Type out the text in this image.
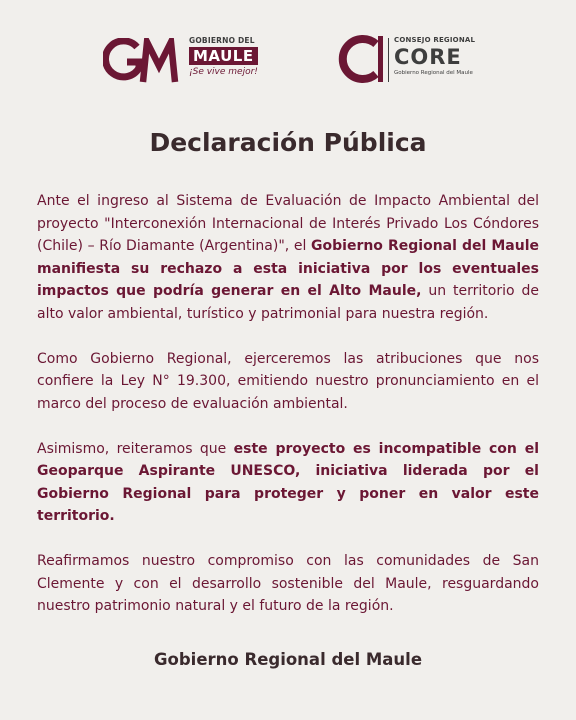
GOBIERNO DEL
MAULE
¡Se vive mejor!
CONSEJO REGIONAL
CORE
Gobierno Regional del Maule
Declaración Pública

Ante el ingreso al Sistema de Evaluación de Impacto Ambiental del proyecto "Interconexión Internacional de Interés Privado Los Cóndores (Chile) – Río Diamante (Argentina)", el Gobierno Regional del Maule manifiesta su rechazo a esta iniciativa por los eventuales impactos que podría generar en el Alto Maule, un territorio de alto valor ambiental, turístico y patrimonial para nuestra región.

Como Gobierno Regional, ejerceremos las atribuciones que nos confiere la Ley N° 19.300, emitiendo nuestro pronunciamiento en el marco del proceso de evaluación ambiental.

Asimismo, reiteramos que este proyecto es incompatible con el Geoparque Aspirante UNESCO, iniciativa liderada por el Gobierno Regional para proteger y poner en valor este territorio.

Reafirmamos nuestro compromiso con las comunidades de San Clemente y con el desarrollo sostenible del Maule, resguardando nuestro patrimonio natural y el futuro de la región.

Gobierno Regional del Maule
